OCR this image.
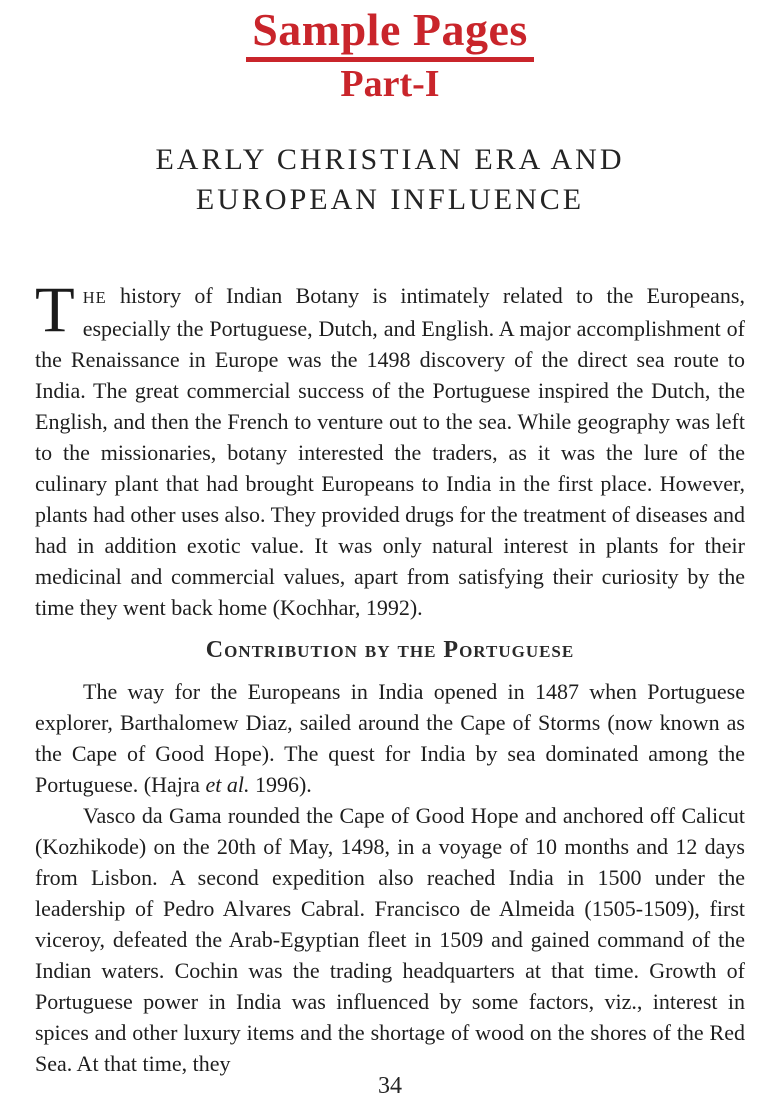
Sample Pages
Part-I
EARLY CHRISTIAN ERA AND
EUROPEAN INFLUENCE

THE history of Indian Botany is intimately related to the Europeans, especially the Portuguese, Dutch, and English. A major accomplishment of the Renaissance in Europe was the 1498 discovery of the direct sea route to India. The great commercial success of the Portuguese inspired the Dutch, the English, and then the French to venture out to the sea. While geography was left to the missionaries, botany interested the traders, as it was the lure of the culinary plant that had brought Europeans to India in the first place. However, plants had other uses also. They provided drugs for the treatment of diseases and had in addition exotic value. It was only natural interest in plants for their medicinal and commercial values, apart from satisfying their curiosity by the time they went back home (Kochhar, 1992).

Contribution by the Portuguese

The way for the Europeans in India opened in 1487 when Portuguese explorer, Barthalomew Diaz, sailed around the Cape of Storms (now known as the Cape of Good Hope). The quest for India by sea dominated among the Portuguese. (Hajra et al. 1996).

Vasco da Gama rounded the Cape of Good Hope and anchored off Calicut (Kozhikode) on the 20th of May, 1498, in a voyage of 10 months and 12 days from Lisbon. A second expedition also reached India in 1500 under the leadership of Pedro Alvares Cabral. Francisco de Almeida (1505-1509), first viceroy, defeated the Arab-Egyptian fleet in 1509 and gained command of the Indian waters. Cochin was the trading headquarters at that time. Growth of Portuguese power in India was influenced by some factors, viz., interest in spices and other luxury items and the shortage of wood on the shores of the Red Sea. At that time, they

34
